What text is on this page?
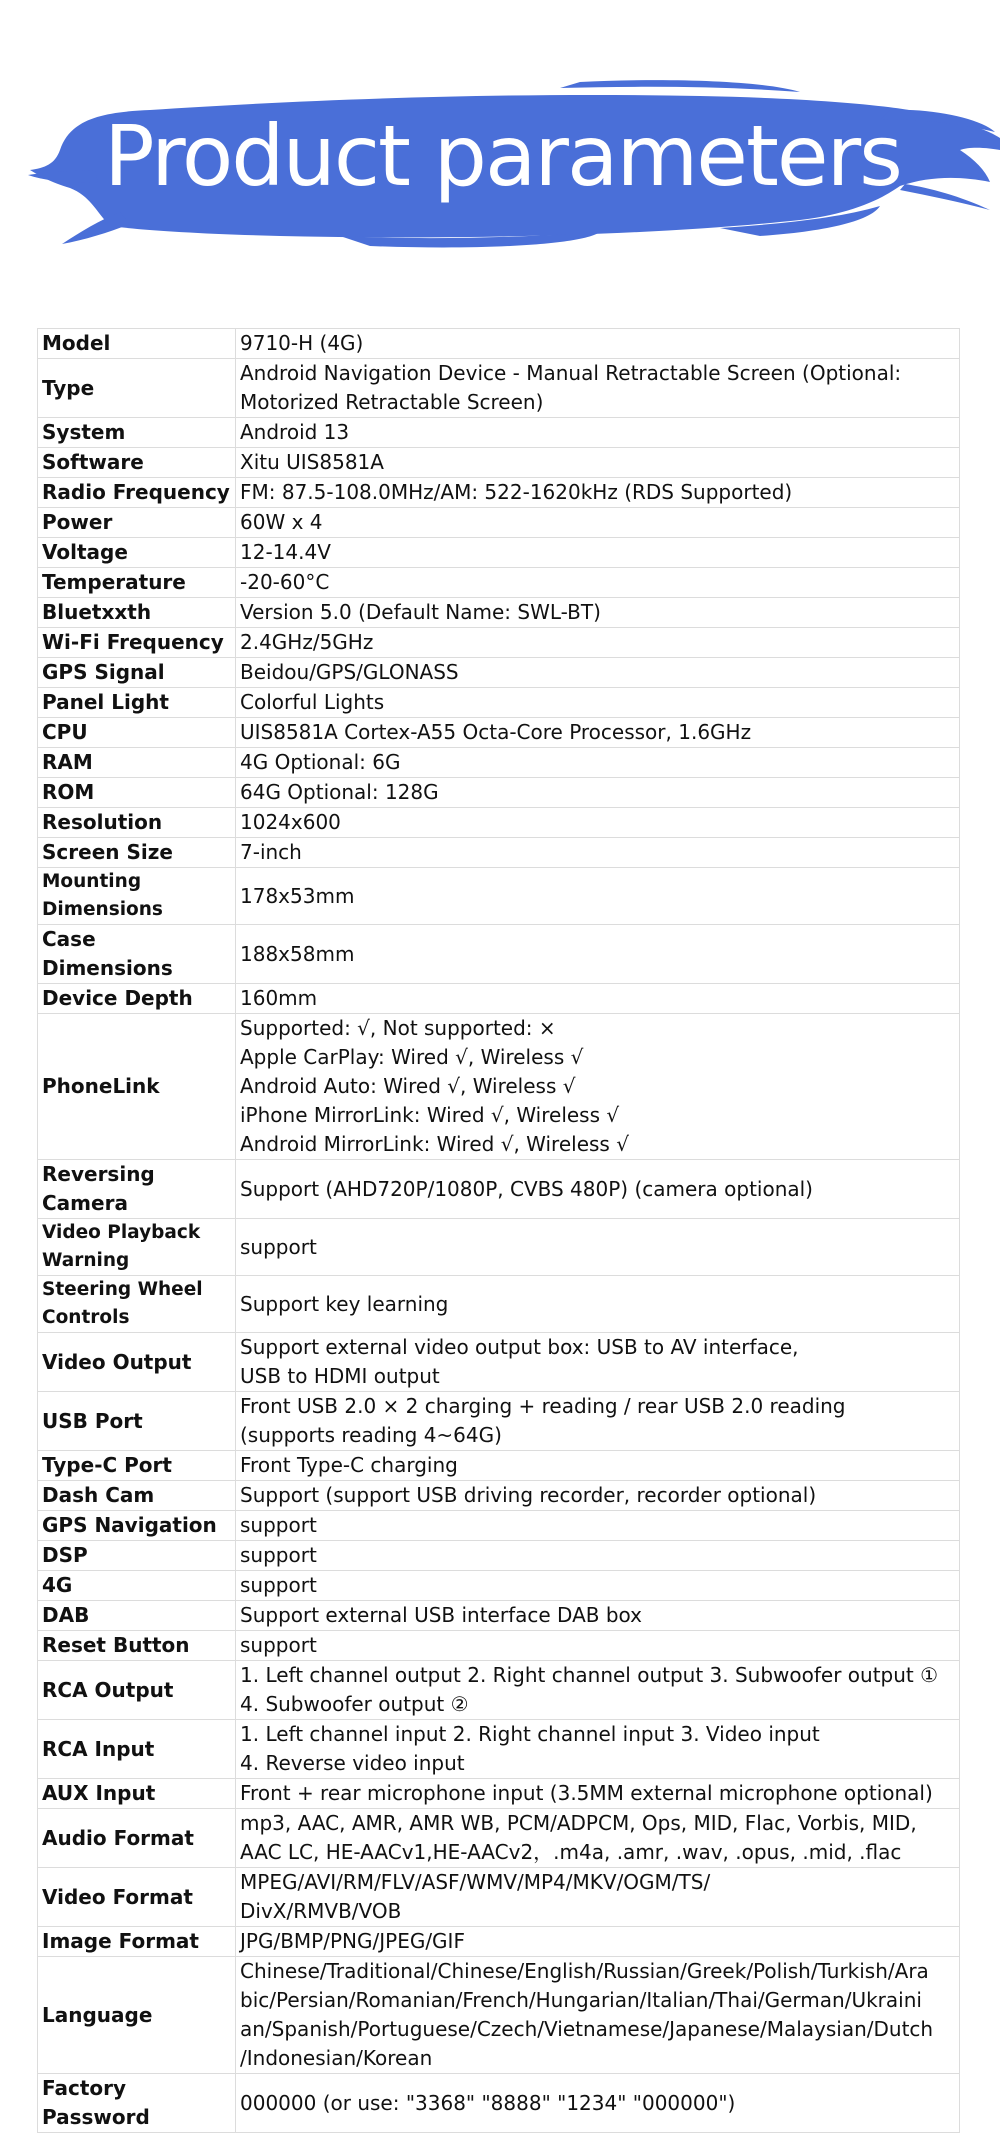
Product parameters
Model	9710-H (4G)

Type	Android Navigation Device - Manual Retractable Screen (Optional:
Motorized Retractable Screen)

System	Android 13

Software	Xitu UIS8581A

Radio Frequency	FM: 87.5-108.0MHz/AM: 522-1620kHz (RDS Supported)

Power	60W x 4

Voltage	12-14.4V

Temperature	-20-60°C

Bluetxxth	Version 5.0 (Default Name: SWL-BT)

Wi-Fi Frequency	2.4GHz/5GHz

GPS Signal	Beidou/GPS/GLONASS

Panel Light	Colorful Lights

CPU	UIS8581A Cortex-A55 Octa-Core Processor, 1.6GHz

RAM	4G Optional: 6G

ROM	64G Optional: 128G

Resolution	1024x600

Screen Size	7-inch

Mounting Dimensions	178x53mm

Case Dimensions	188x58mm

Device Depth	160mm

PhoneLink	Supported: √, Not supported: ×
Apple CarPlay: Wired √, Wireless √
Android Auto: Wired √, Wireless √
iPhone MirrorLink: Wired √, Wireless √
Android MirrorLink: Wired √, Wireless √

Reversing Camera	Support (AHD720P/1080P, CVBS 480P) (camera optional)

Video Playback Warning	support

Steering Wheel Controls	Support key learning

Video Output	Support external video output box: USB to AV interface,
USB to HDMI output

USB Port	Front USB 2.0 × 2 charging + reading / rear USB 2.0 reading
(supports reading 4~64G)

Type-C Port	Front Type-C charging

Dash Cam	Support (support USB driving recorder, recorder optional)

GPS Navigation	support

DSP	support

4G	support

DAB	Support external USB interface DAB box

Reset Button	support

RCA Output	1. Left channel output 2. Right channel output 3. Subwoofer output ①
4. Subwoofer output ②

RCA Input	1. Left channel input 2. Right channel input 3. Video input
4. Reverse video input

AUX Input	Front + rear microphone input (3.5MM external microphone optional)

Audio Format	mp3, AAC, AMR, AMR WB, PCM/ADPCM, Ops, MID, Flac, Vorbis, MID,
AAC LC, HE-AACv1,HE-AACv2，.m4a, .amr, .wav, .opus, .mid, .flac

Video Format	MPEG/AVI/RM/FLV/ASF/WMV/MP4/MKV/OGM/TS/
DivX/RMVB/VOB

Image Format	JPG/BMP/PNG/JPEG/GIF

Language	Chinese/Traditional/Chinese/English/Russian/Greek/Polish/Turkish/Ara
bic/Persian/Romanian/French/Hungarian/Italian/Thai/German/Ukraini
an/Spanish/Portuguese/Czech/Vietnamese/Japanese/Malaysian/Dutch
/Indonesian/Korean

Factory Password	000000 (or use: "3368" "8888" "1234" "000000")
